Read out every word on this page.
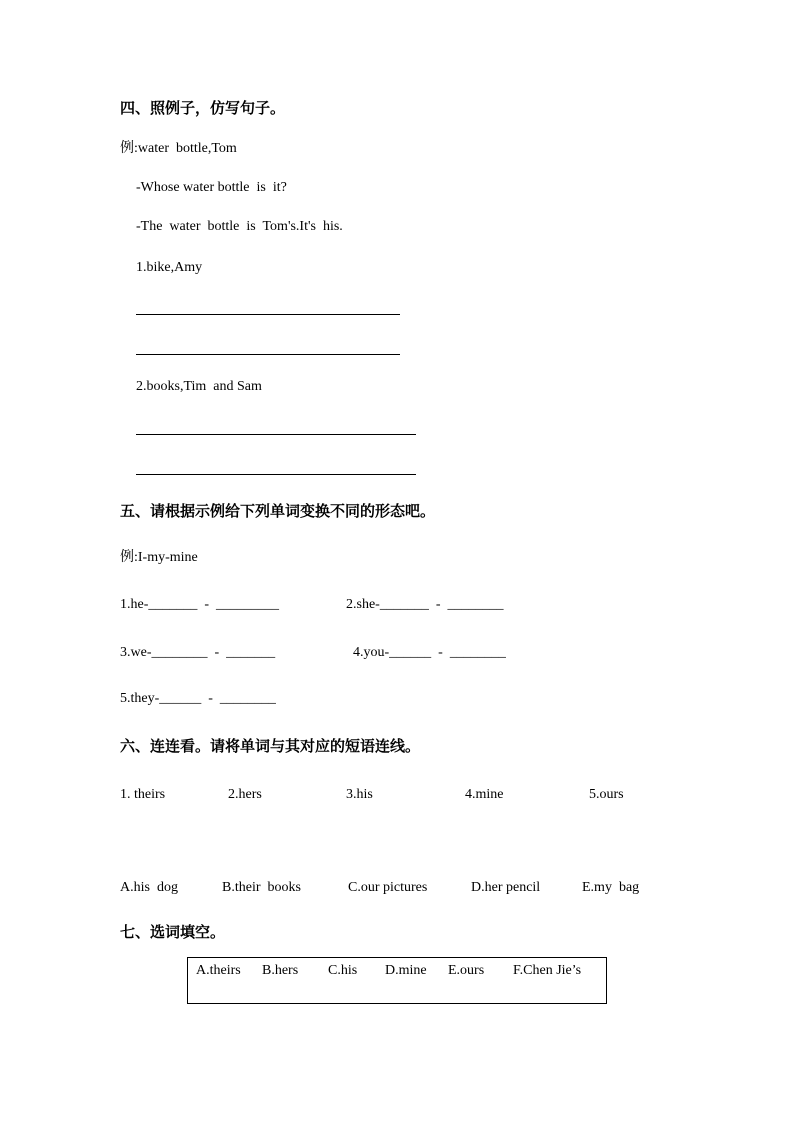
四、照例子，仿写句子。
例:water  bottle,Tom
-Whose water bottle  is  it?
-The  water  bottle  is  Tom's.It's  his.
1.bike,Amy
2.books,Tim  and Sam
五、请根据示例给下列单词变换不同的形态吧。
例:I-my-mine
1.he-_______  -  _________	2.she-_______  -  ________
3.we-________  -  _______	4.you-______  -  ________
5.they-______  -  ________
六、连连看。请将单词与其对应的短语连线。
1. theirs	2.hers	3.his	4.mine	5.ours
A.his  dog	B.their  books	C.our pictures	D.her pencil	E.my  bag
七、选词填空。
A.theirs B.hers C.his D.mine E.ours F.Chen Jie’s
